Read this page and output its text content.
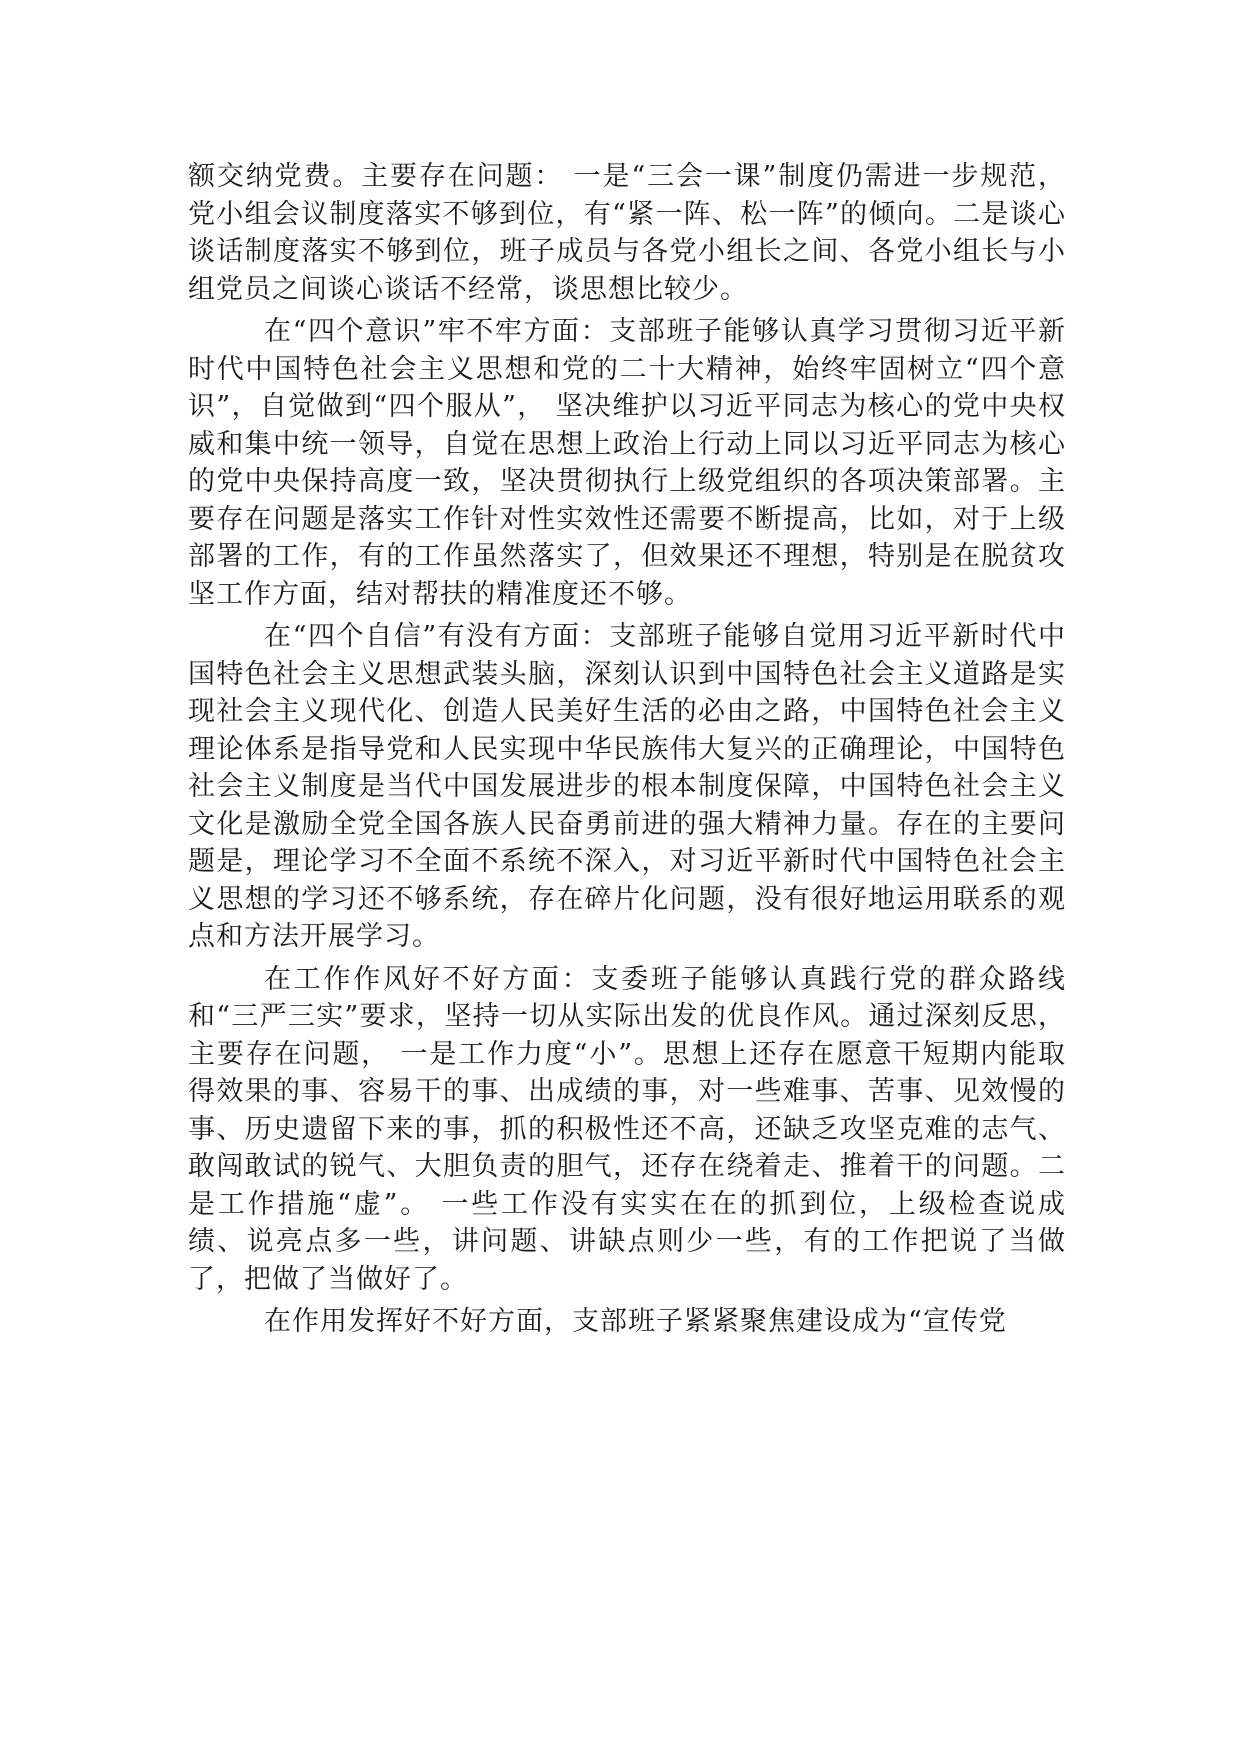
额交纳党费。主要存在问题： 一是“三会一课”制度仍需进一步规范，党小组会议制度落实不够到位，有“紧一阵、松一阵”的倾向。二是谈心谈话制度落实不够到位，班子成员与各党小组长之间、各党小组长与小组党员之间谈心谈话不经常，谈思想比较少。

在“四个意识”牢不牢方面：支部班子能够认真学习贯彻习近平新时代中国特色社会主义思想和党的二十大精神，始终牢固树立“四个意识”，自觉做到“四个服从”， 坚决维护以习近平同志为核心的党中央权威和集中统一领导，自觉在思想上政治上行动上同以习近平同志为核心的党中央保持高度一致，坚决贯彻执行上级党组织的各项决策部署。主要存在问题是落实工作针对性实效性还需要不断提高，比如，对于上级部署的工作，有的工作虽然落实了，但效果还不理想，特别是在脱贫攻坚工作方面，结对帮扶的精准度还不够。

在“四个自信”有没有方面：支部班子能够自觉用习近平新时代中国特色社会主义思想武装头脑，深刻认识到中国特色社会主义道路是实现社会主义现代化、创造人民美好生活的必由之路，中国特色社会主义理论体系是指导党和人民实现中华民族伟大复兴的正确理论，中国特色社会主义制度是当代中国发展进步的根本制度保障，中国特色社会主义文化是激励全党全国各族人民奋勇前进的强大精神力量。存在的主要问题是，理论学习不全面不系统不深入，对习近平新时代中国特色社会主义思想的学习还不够系统，存在碎片化问题，没有很好地运用联系的观点和方法开展学习。

在工作作风好不好方面：支委班子能够认真践行党的群众路线和“三严三实”要求，坚持一切从实际出发的优良作风。通过深刻反思，主要存在问题， 一是工作力度“小”。思想上还存在愿意干短期内能取得效果的事、容易干的事、出成绩的事，对一些难事、苦事、见效慢的事、历史遗留下来的事，抓的积极性还不高，还缺乏攻坚克难的志气、敢闯敢试的锐气、大胆负责的胆气，还存在绕着走、推着干的问题。二是工作措施“虚”。 一些工作没有实实在在的抓到位，上级检查说成绩、说亮点多一些，讲问题、讲缺点则少一些，有的工作把说了当做了，把做了当做好了。

在作用发挥好不好方面，支部班子紧紧聚焦建设成为“宣传党
